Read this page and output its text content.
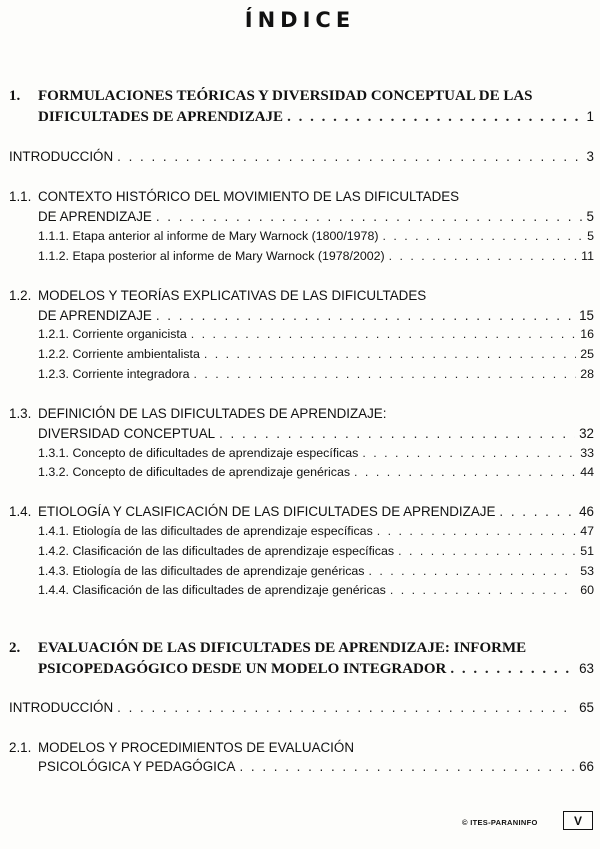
ÍNDICE
1. FORMULACIONES TEÓRICAS Y DIVERSIDAD CONCEPTUAL DE LAS
DIFICULTADES DE APRENDIZAJE . . .	1
INTRODUCCIÓN . . .	3
1.1. CONTEXTO HISTÓRICO DEL MOVIMIENTO DE LAS DIFICULTADES
DE APRENDIZAJE . . .	5
1.1.1. Etapa anterior al informe de Mary Warnock (1800/1978) . . .	5
1.1.2. Etapa posterior al informe de Mary Warnock (1978/2002) . . .	11
1.2. MODELOS Y TEORÍAS EXPLICATIVAS DE LAS DIFICULTADES
DE APRENDIZAJE . . .	15
1.2.1. Corriente organicista . . .	16
1.2.2. Corriente ambientalista . . .	25
1.2.3. Corriente integradora . . .	28
1.3. DEFINICIÓN DE LAS DIFICULTADES DE APRENDIZAJE:
DIVERSIDAD CONCEPTUAL . . .	32
1.3.1. Concepto de dificultades de aprendizaje específicas . . .	33
1.3.2. Concepto de dificultades de aprendizaje genéricas . . .	44
1.4. ETIOLOGÍA Y CLASIFICACIÓN DE LAS DIFICULTADES DE APRENDIZAJE . . .	46
1.4.1. Etiología de las dificultades de aprendizaje específicas . . .	47
1.4.2. Clasificación de las dificultades de aprendizaje específicas . . .	51
1.4.3. Etiología de las dificultades de aprendizaje genéricas . . .	53
1.4.4. Clasificación de las dificultades de aprendizaje genéricas . . .	60
2. EVALUACIÓN DE LAS DIFICULTADES DE APRENDIZAJE: INFORME
PSICOPEDAGÓGICO DESDE UN MODELO INTEGRADOR . . .	63
INTRODUCCIÓN . . .	65
2.1. MODELOS Y PROCEDIMIENTOS DE EVALUACIÓN
PSICOLÓGICA Y PEDAGÓGICA . . .	66
© ITES-PARANINFO	V
